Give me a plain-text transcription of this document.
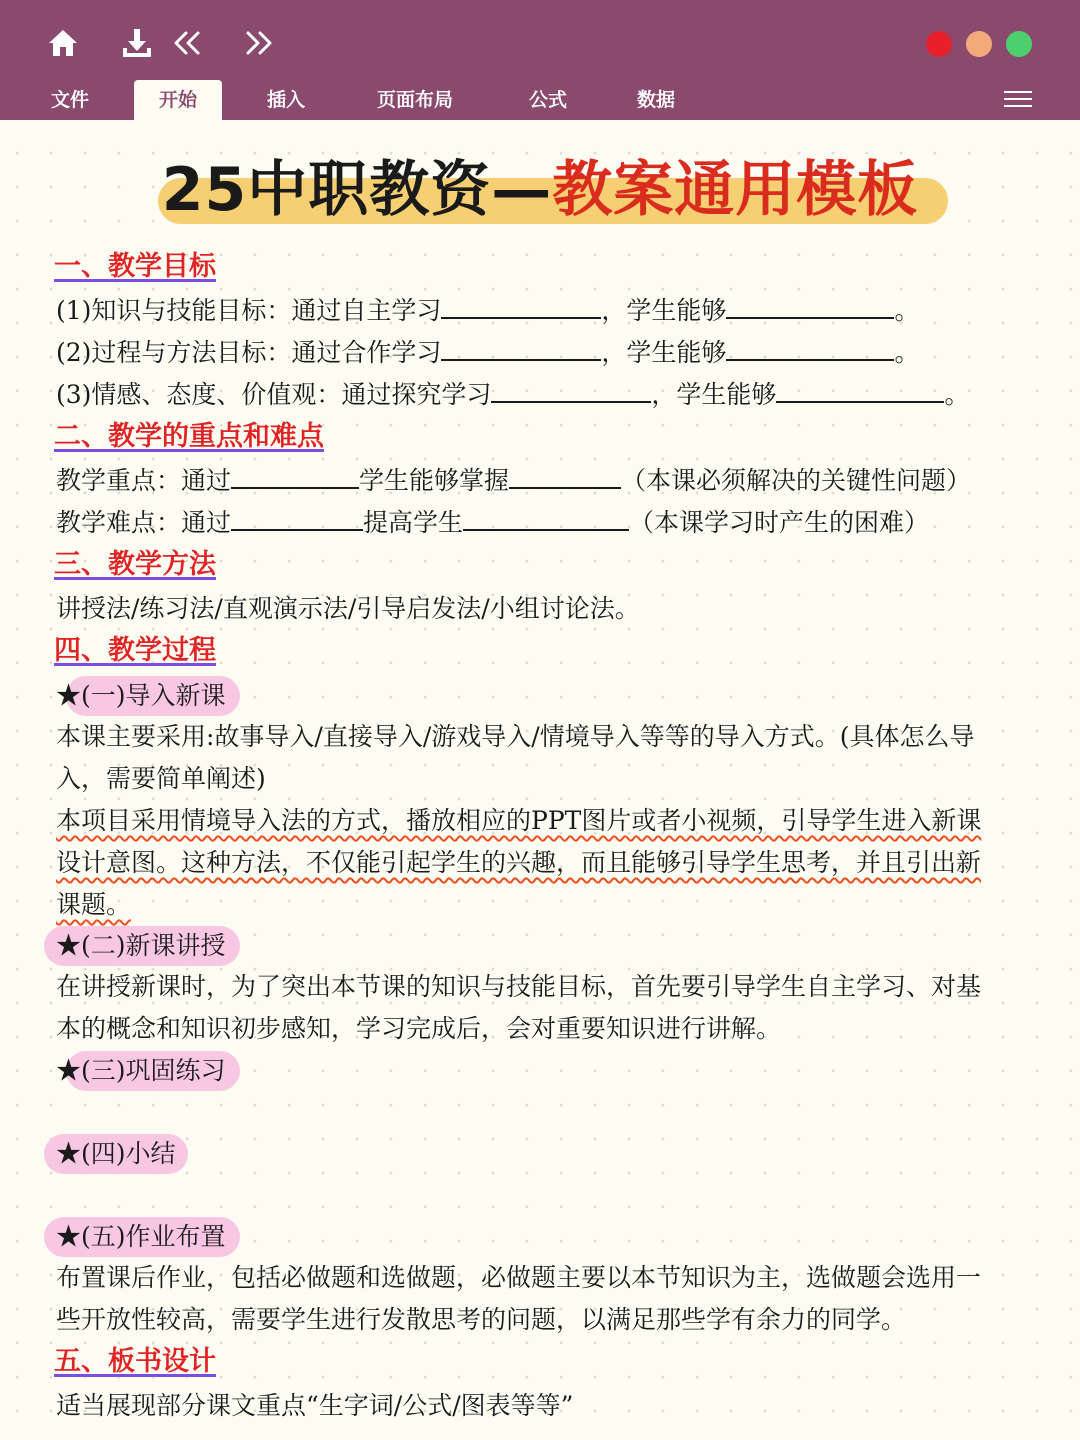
文件	开始	插入	页面布局	公式	数据
25中职教资—教案通用模板
一、教学目标
(1)知识与技能目标：通过自主学习	，学生能够	。
(2)过程与方法目标：通过合作学习	，学生能够	。
(3)情感、态度、价值观：通过探究学习	，学生能够	。
二、教学的重点和难点
教学重点：通过	学生能够掌握	（本课必须解决的关键性问题）
教学难点：通过	提高学生	（本课学习时产生的困难）
三、教学方法
讲授法/练习法/直观演示法/引导启发法/小组讨论法。
四、教学过程
★(一)导入新课
本课主要采用:故事导入/直接导入/游戏导入/情境导入等等的导入方式。(具体怎么导
入，需要简单阐述)
本项目采用情境导入法的方式，播放相应的PPT图片或者小视频，引导学生进入新课
设计意图。这种方法，不仅能引起学生的兴趣，而且能够引导学生思考，并且引出新
课题。
★(二)新课讲授
在讲授新课时，为了突出本节课的知识与技能目标，首先要引导学生自主学习、对基
本的概念和知识初步感知，学习完成后，会对重要知识进行讲解。
★(三)巩固练习
★(四)小结
★(五)作业布置
布置课后作业，包括必做题和选做题，必做题主要以本节知识为主，选做题会选用一
些开放性较高，需要学生进行发散思考的问题，以满足那些学有余力的同学。
五、板书设计
适当展现部分课文重点“生字词/公式/图表等等”
